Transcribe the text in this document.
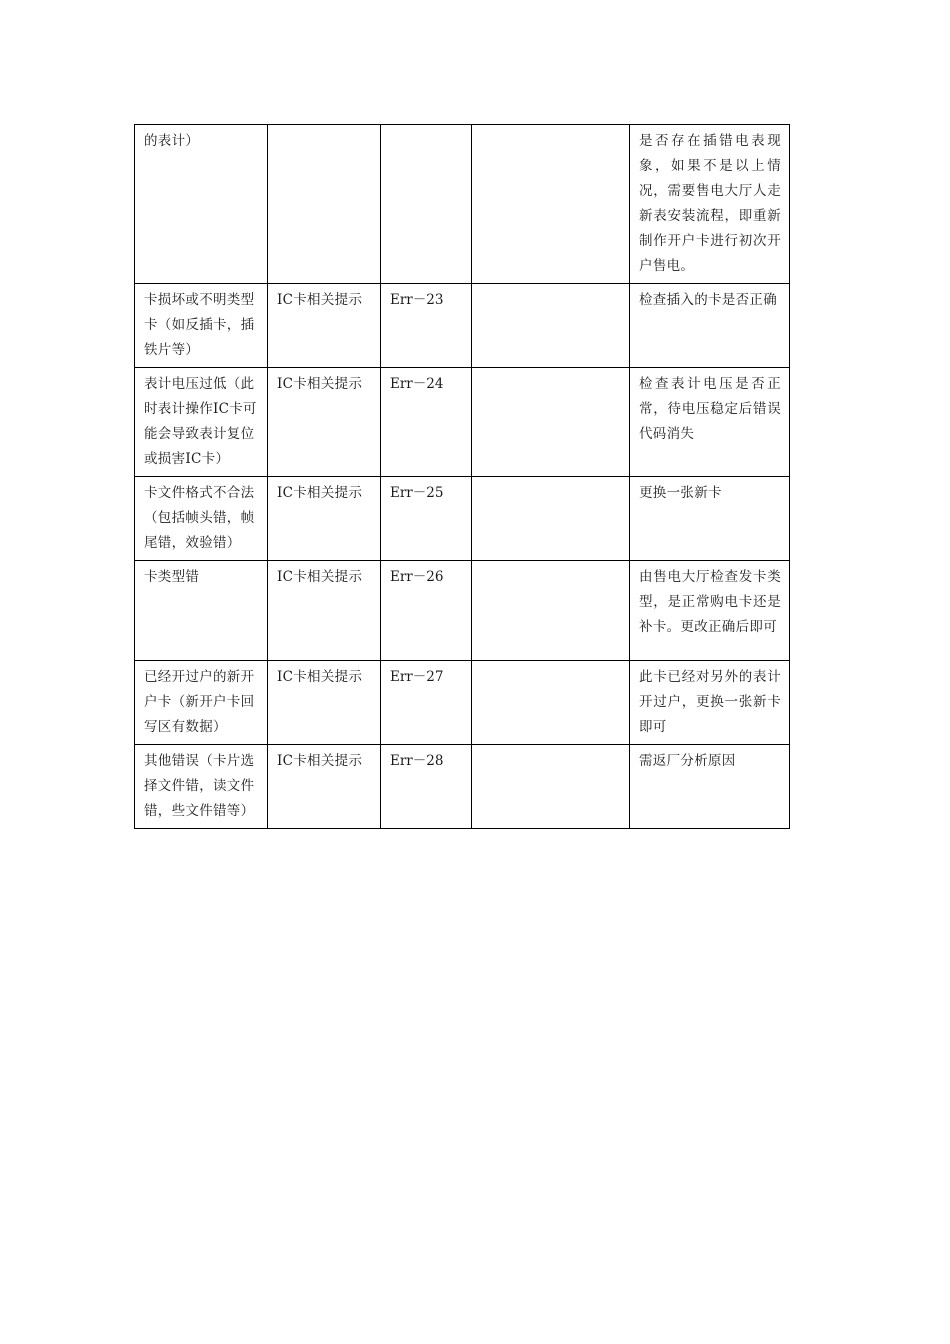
的表计）				是否存在插错电表现象，如果不是以上情况，需要售电大厅人走新表安装流程，即重新制作开户卡进行初次开户售电。
卡损坏或不明类型卡（如反插卡，插铁片等）	IC卡相关提示	Err－23		检查插入的卡是否正确
表计电压过低（此时表计操作IC卡可能会导致表计复位或损害IC卡）	IC卡相关提示	Err－24		检查表计电压是否正常，待电压稳定后错误代码消失
卡文件格式不合法（包括帧头错，帧尾错，效验错）	IC卡相关提示	Err－25		更换一张新卡
卡类型错	IC卡相关提示	Err－26		由售电大厅检查发卡类型，是正常购电卡还是补卡。更改正确后即可
已经开过户的新开户卡（新开户卡回写区有数据）	IC卡相关提示	Err－27		此卡已经对另外的表计开过户，更换一张新卡即可
其他错误（卡片选择文件错，读文件错，些文件错等）	IC卡相关提示	Err－28		需返厂分析原因
